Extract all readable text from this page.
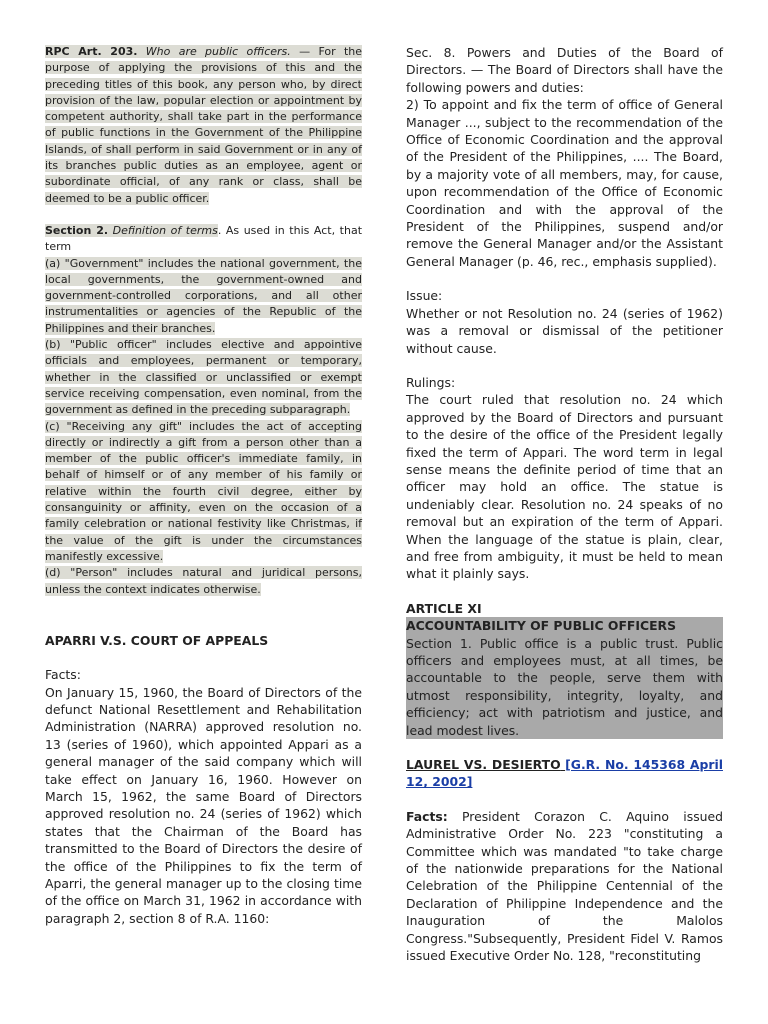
RPC Art. 203. Who are public officers. — For the purpose of applying the provisions of this and the preceding titles of this book, any person who, by direct provision of the law, popular election or appointment by competent authority, shall take part in the performance of public functions in the Government of the Philippine Islands, of shall perform in said Government or in any of its branches public duties as an employee, agent or subordinate official, of any rank or class, shall be deemed to be a public officer.

Section 2. Definition of terms. As used in this Act, that term

(a) "Government" includes the national government, the local governments, the government-owned and government-controlled corporations, and all other instrumentalities or agencies of the Republic of the Philippines and their branches.

(b) "Public officer" includes elective and appointive officials and employees, permanent or temporary, whether in the classified or unclassified or exempt service receiving compensation, even nominal, from the government as defined in the preceding subparagraph.

(c) "Receiving any gift" includes the act of accepting directly or indirectly a gift from a person other than a member of the public officer's immediate family, in behalf of himself or of any member of his family or relative within the fourth civil degree, either by consanguinity or affinity, even on the occasion of a family celebration or national festivity like Christmas, if the value of the gift is under the circumstances manifestly excessive.

(d) "Person" includes natural and juridical persons, unless the context indicates otherwise.

APARRI V.S. COURT OF APPEALS

Facts:

On January 15, 1960, the Board of Directors of the defunct National Resettlement and Rehabilitation Administration (NARRA) approved resolution no. 13 (series of 1960), which appointed Appari as a general manager of the said company which will take effect on January 16, 1960. However on March 15, 1962, the same Board of Directors approved resolution no. 24 (series of 1962) which states that the Chairman of the Board has transmitted to the Board of Directors the desire of the office of the Philippines to fix the term of Aparri, the general manager up to the closing time of the office on March 31, 1962 in accordance with paragraph 2, section 8 of R.A. 1160:

Sec. 8. Powers and Duties of the Board of Directors. — The Board of Directors shall have the following powers and duties:

2) To appoint and fix the term of office of General Manager ..., subject to the recommendation of the Office of Economic Coordination and the approval of the President of the Philippines, .... The Board, by a majority vote of all members, may, for cause, upon recommendation of the Office of Economic Coordination and with the approval of the President of the Philippines, suspend and/or remove the General Manager and/or the Assistant General Manager (p. 46, rec., emphasis supplied).

Issue:

Whether or not Resolution no. 24 (series of 1962) was a removal or dismissal of the petitioner without cause.

Rulings:

The court ruled that resolution no. 24 which approved by the Board of Directors and pursuant to the desire of the office of the President legally fixed the term of Appari. The word term in legal sense means the definite period of time that an officer may hold an office. The statue is undeniably clear. Resolution no. 24 speaks of no removal but an expiration of the term of Appari. When the language of the statue is plain, clear, and free from ambiguity, it must be held to mean what it plainly says.

ARTICLE XI

ACCOUNTABILITY OF PUBLIC OFFICERS

Section 1. Public office is a public trust. Public officers and employees must, at all times, be accountable to the people, serve them with utmost responsibility, integrity, loyalty, and efficiency; act with patriotism and justice, and lead modest lives.

LAUREL VS. DESIERTO [G.R. No. 145368 April 12, 2002]

Facts: President Corazon C. Aquino issued Administrative Order No. 223 "constituting a Committee which was mandated "to take charge of the nationwide preparations for the National Celebration of the Philippine Centennial of the Declaration of Philippine Independence and the Inauguration of the Malolos Congress."Subsequently, President Fidel V. Ramos issued Executive Order No. 128, "reconstituting
